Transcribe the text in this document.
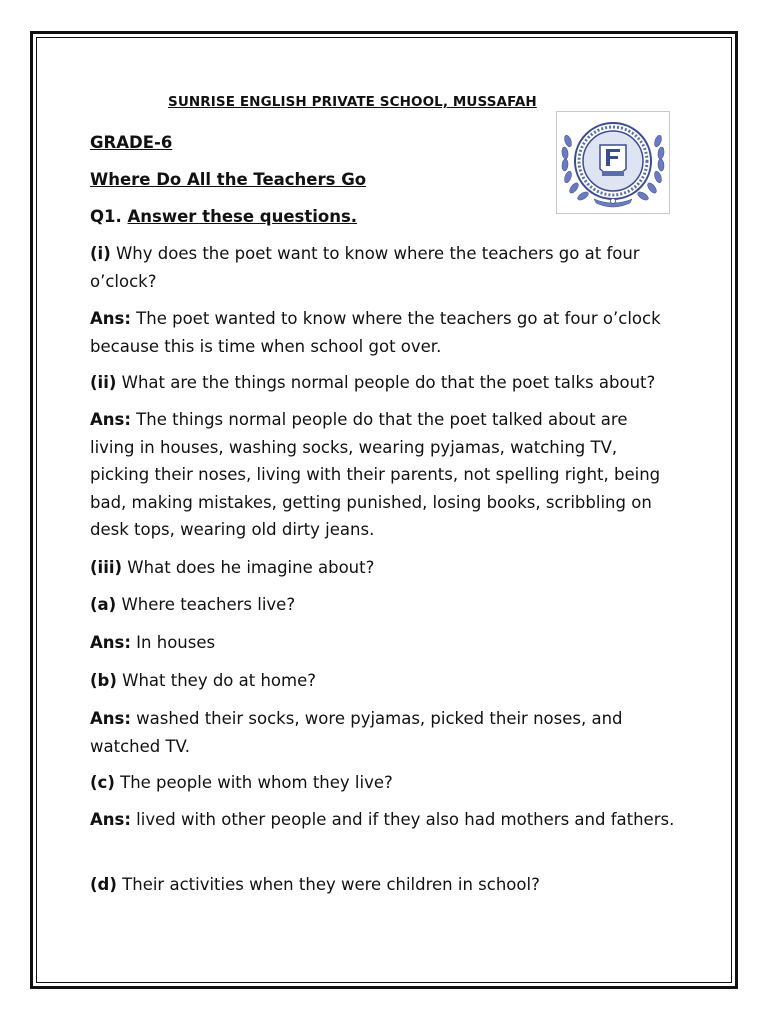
SUNRISE ENGLISH PRIVATE SCHOOL, MUSSAFAH
GRADE-6
Where Do All the Teachers Go
Q1. Answer these questions.
(i) Why does the poet want to know where the teachers go at four o’clock?
Ans: The poet wanted to know where the teachers go at four o’clock because this is time when school got over.
(ii) What are the things normal people do that the poet talks about?
Ans: The things normal people do that the poet talked about are living in houses, washing socks, wearing pyjamas, watching TV, picking their noses, living with their parents, not spelling right, being bad, making mistakes, getting punished, losing books, scribbling on desk tops, wearing old dirty jeans.
(iii) What does he imagine about?
(a) Where teachers live?
Ans: In houses
(b) What they do at home?
Ans: washed their socks, wore pyjamas, picked their noses, and watched TV.
(c) The people with whom they live?
Ans: lived with other people and if they also had mothers and fathers.
(d) Their activities when they were children in school?
